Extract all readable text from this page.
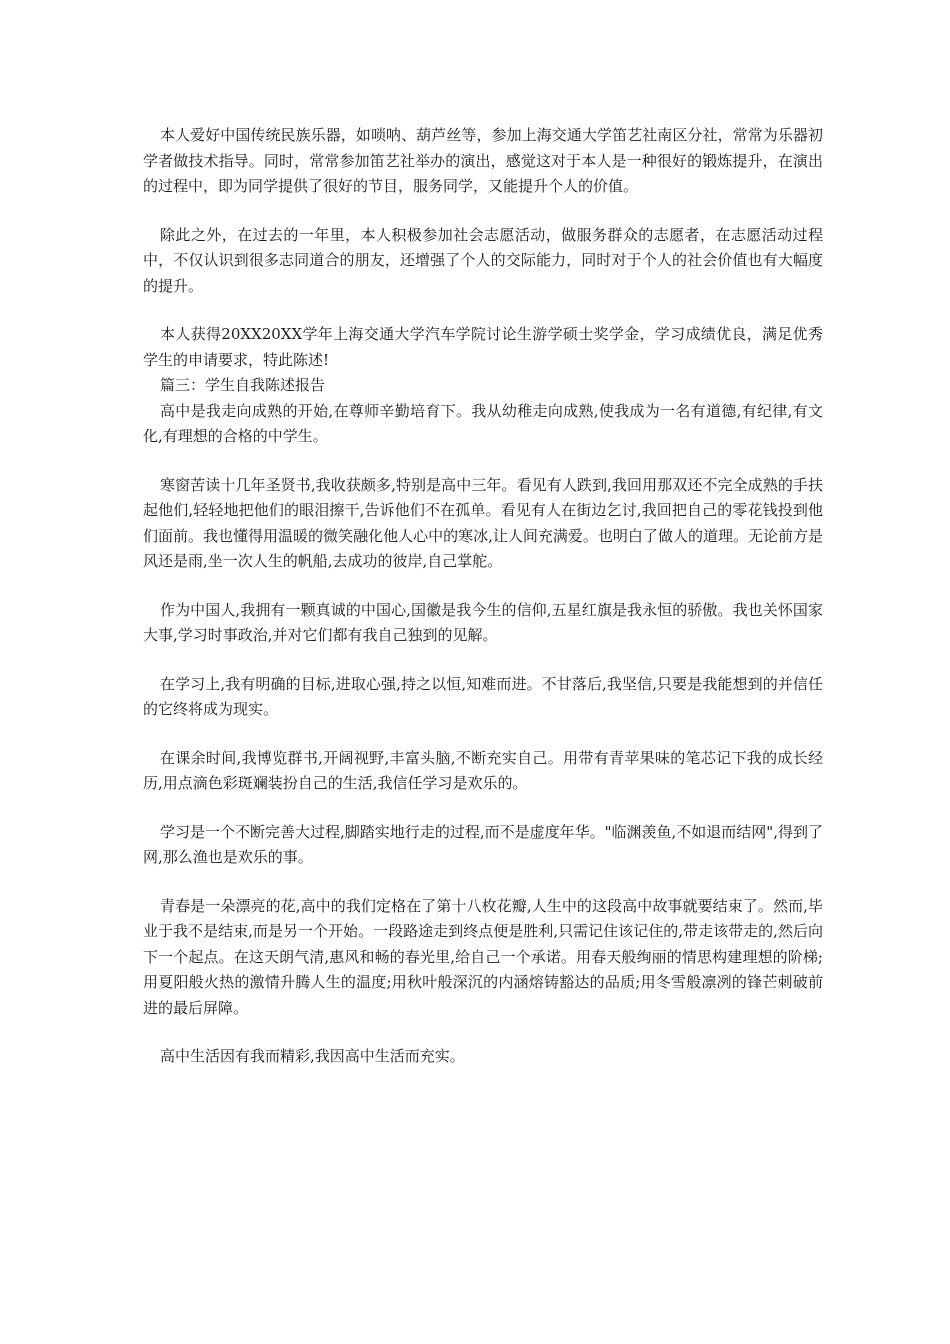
本人爱好中国传统民族乐器，如唢呐、葫芦丝等，参加上海交通大学笛艺社南区分社，常常为乐器初学者做技术指导。同时，常常参加笛艺社举办的演出，感觉这对于本人是一种很好的锻炼提升，在演出的过程中，即为同学提供了很好的节目，服务同学，又能提升个人的价值。

除此之外，在过去的一年里，本人积极参加社会志愿活动，做服务群众的志愿者，在志愿活动过程中，不仅认识到很多志同道合的朋友，还增强了个人的交际能力，同时对于个人的社会价值也有大幅度的提升。

本人获得20XX20XX学年上海交通大学汽车学院讨论生游学硕士奖学金，学习成绩优良，满足优秀学生的申请要求，特此陈述!

篇三：学生自我陈述报告

高中是我走向成熟的开始,在尊师辛勤培育下。我从幼稚走向成熟,使我成为一名有道德,有纪律,有文化,有理想的合格的中学生。

寒窗苦读十几年圣贤书,我收获颇多,特别是高中三年。看见有人跌到,我回用那双还不完全成熟的手扶起他们,轻轻地把他们的眼泪擦干,告诉他们不在孤单。看见有人在街边乞讨,我回把自己的零花钱投到他们面前。我也懂得用温暖的微笑融化他人心中的寒冰,让人间充满爱。也明白了做人的道理。无论前方是风还是雨,坐一次人生的帆船,去成功的彼岸,自己掌舵。

作为中国人,我拥有一颗真诚的中国心,国徽是我今生的信仰,五星红旗是我永恒的骄傲。我也关怀国家大事,学习时事政治,并对它们都有我自己独到的见解。

在学习上,我有明确的目标,进取心强,持之以恒,知难而进。不甘落后,我坚信,只要是我能想到的并信任的它终将成为现实。

在课余时间,我博览群书,开阔视野,丰富头脑,不断充实自己。用带有青苹果味的笔芯记下我的成长经历,用点滴色彩斑斓装扮自己的生活,我信任学习是欢乐的。

学习是一个不断完善大过程,脚踏实地行走的过程,而不是虚度年华。"临渊羡鱼,不如退而结网",得到了网,那么渔也是欢乐的事。

青春是一朵漂亮的花,高中的我们定格在了第十八枚花瓣,人生中的这段高中故事就要结束了。然而,毕业于我不是结束,而是另一个开始。一段路途走到终点便是胜利,只需记住该记住的,带走该带走的,然后向下一个起点。在这天朗气清,惠风和畅的春光里,给自己一个承诺。用春天般绚丽的情思构建理想的阶梯;用夏阳般火热的激情升腾人生的温度;用秋叶般深沉的内涵熔铸豁达的品质;用冬雪般凛冽的锋芒刺破前进的最后屏障。

高中生活因有我而精彩,我因高中生活而充实。
